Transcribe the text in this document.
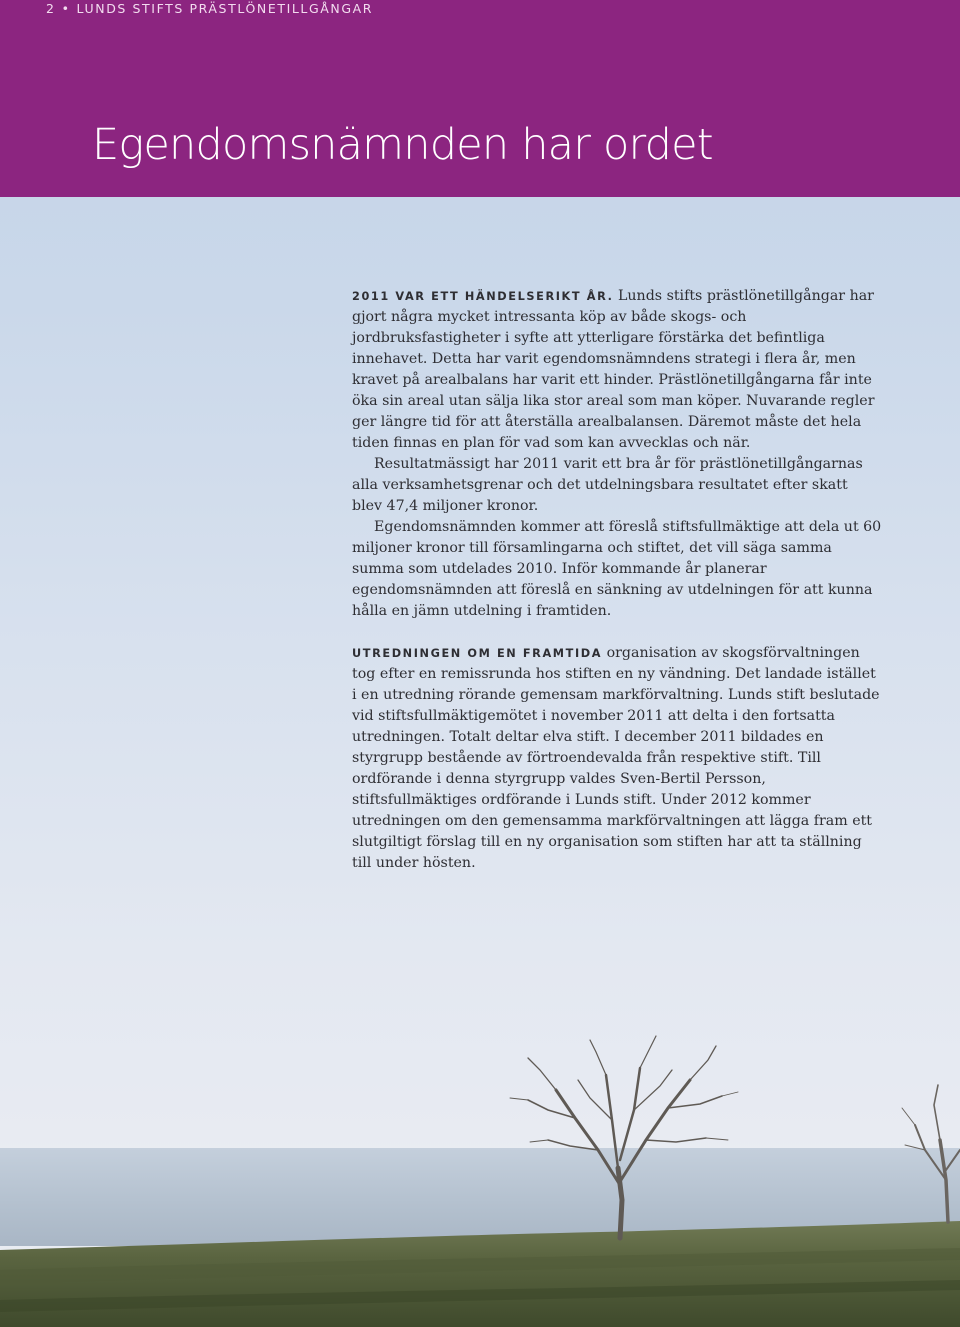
2 • LUNDS STIFTS PRÄSTLÖNETILLGÅNGAR
Egendomsnämnden har ordet

2011 VAR ETT HÄNDELSERIKT ÅR. Lunds stifts prästlönetillgångar har gjort några mycket intressanta köp av både skogs- och jordbruksfastigheter i syfte att ytterligare förstärka det befintliga innehavet. Detta har varit egendomsnämndens strategi i flera år, men kravet på arealbalans har varit ett hinder. Prästlönetillgångarna får inte öka sin areal utan sälja lika stor areal som man köper. Nuvarande regler ger längre tid för att återställa arealbalansen. Däremot måste det hela tiden finnas en plan för vad som kan avvecklas och när.

Resultatmässigt har 2011 varit ett bra år för prästlönetillgångarnas alla verksamhetsgrenar och det utdelningsbara resultatet efter skatt blev 47,4 miljoner kronor.

Egendomsnämnden kommer att föreslå stiftsfullmäktige att dela ut 60 miljoner kronor till församlingarna och stiftet, det vill säga samma summa som utdelades 2010. Inför kommande år planerar egendomsnämnden att föreslå en sänkning av utdelningen för att kunna hålla en jämn utdelning i framtiden.

UTREDNINGEN OM EN FRAMTIDA organisation av skogsförvaltningen tog efter en remissrunda hos stiften en ny vändning. Det landade istället i en utredning rörande gemensam markförvaltning. Lunds stift beslutade vid stiftsfullmäktigemötet i november 2011 att delta i den fortsatta utredningen. Totalt deltar elva stift. I december 2011 bildades en styrgrupp bestående av förtroendevalda från respektive stift. Till ordförande i denna styrgrupp valdes Sven-Bertil Persson, stiftsfullmäktiges ordförande i Lunds stift. Under 2012 kommer utredningen om den gemensamma markförvaltningen att lägga fram ett slutgiltigt förslag till en ny organisation som stiften har att ta ställning till under hösten.
